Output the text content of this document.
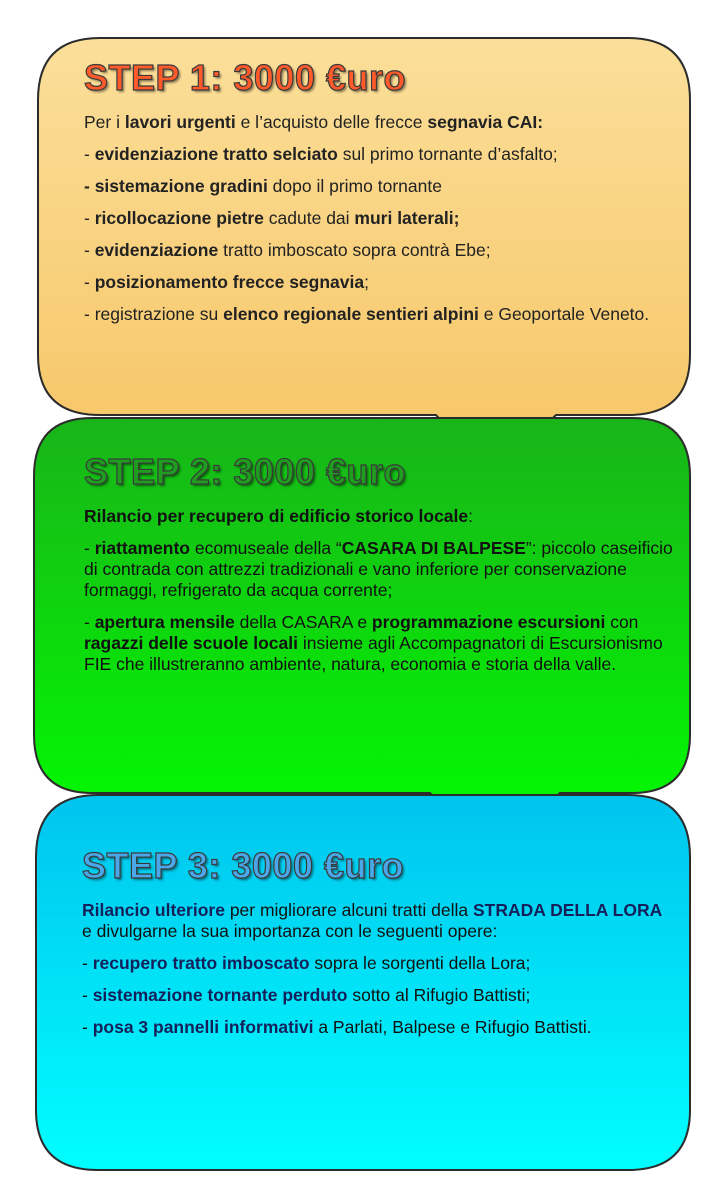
STEP 1: 3000 €uro

Per i lavori urgenti e l’acquisto delle frecce segnavia CAI:

- evidenziazione tratto selciato sul primo tornante d’asfalto;

- sistemazione gradini dopo il primo tornante

- ricollocazione pietre cadute dai muri laterali;

- evidenziazione tratto imboscato sopra contrà Ebe;

- posizionamento frecce segnavia;

- registrazione su elenco regionale sentieri alpini e Geoportale Veneto.

STEP 2: 3000 €uro

Rilancio per recupero di edificio storico locale:

- riattamento ecomuseale della “CASARA DI BALPESE”: piccolo caseificio di contrada con attrezzi tradizionali e vano inferiore per conservazione formaggi, refrigerato da acqua corrente;

- apertura mensile della CASARA e programmazione escursioni con ragazzi delle scuole locali insieme agli Accompagnatori di Escursionismo FIE che illustreranno ambiente, natura, economia e storia della valle.

STEP 3: 3000 €uro

Rilancio ulteriore per migliorare alcuni tratti della STRADA DELLA LORA e divulgarne la sua importanza con le seguenti opere:

- recupero tratto imboscato sopra le sorgenti della Lora;

- sistemazione tornante perduto sotto al Rifugio Battisti;

- posa 3 pannelli informativi a Parlati, Balpese e Rifugio Battisti.
